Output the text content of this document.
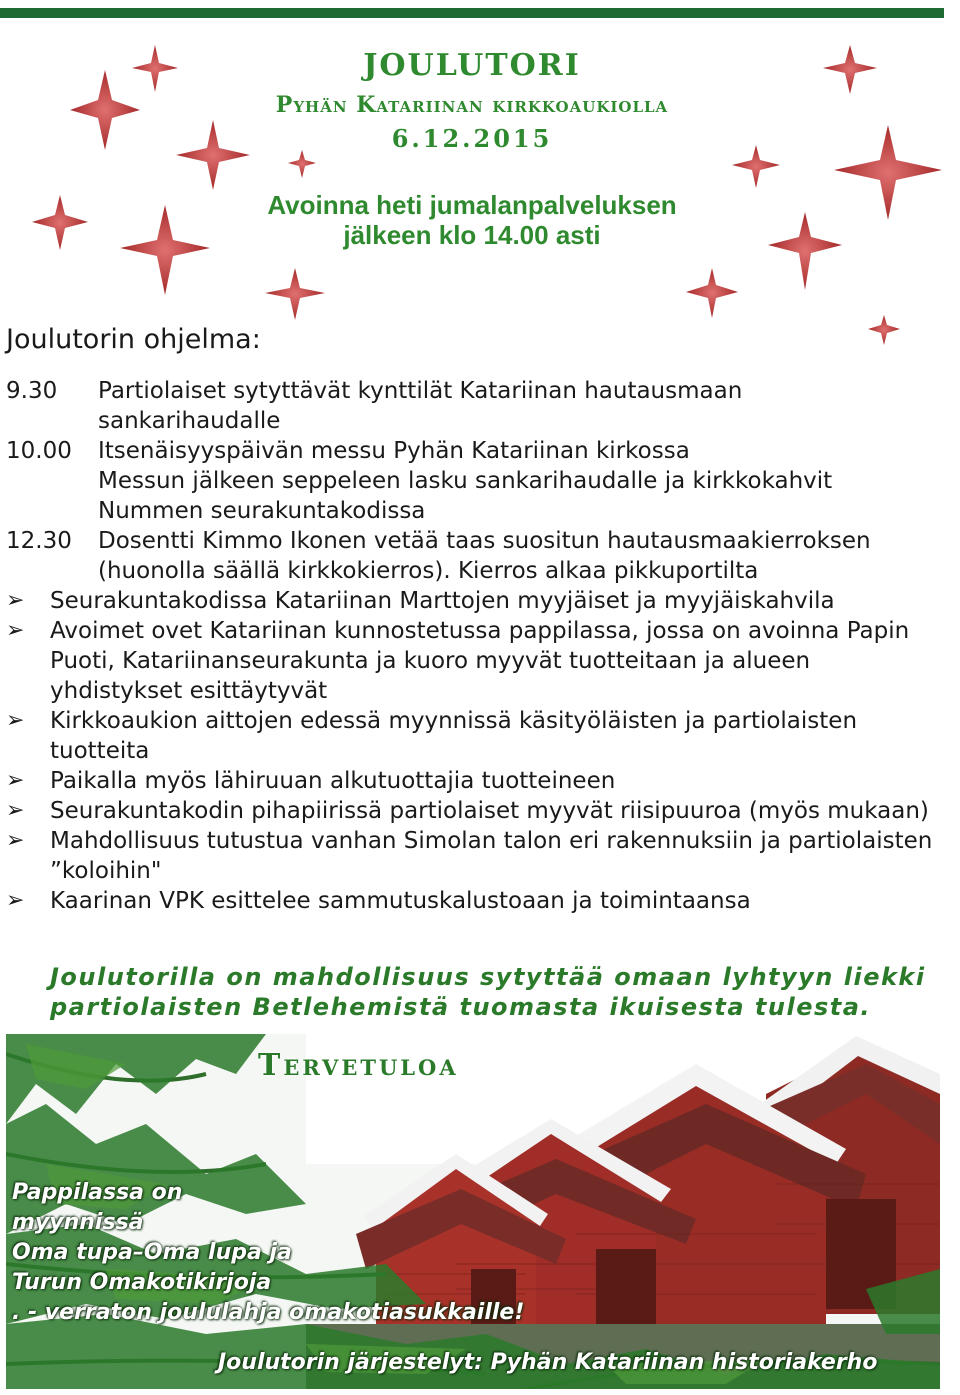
JOULUTORI
Pyhän Katariinan kirkkoaukiolla
6.12.2015
Avoinna heti jumalanpalveluksen
jälkeen klo 14.00 asti
Joulutorin ohjelma:
9.30	Partiolaiset sytyttävät kynttilät Katariinan hautausmaan
sankarihaudalle
10.00	Itsenäisyyspäivän messu Pyhän Katariinan kirkossa
Messun jälkeen seppeleen lasku sankarihaudalle ja kirkkokahvit
Nummen seurakuntakodissa
12.30	Dosentti Kimmo Ikonen vetää taas suositun hautausmaakierroksen
(huonolla säällä kirkkokierros). Kierros alkaa pikkuportilta
➢	Seurakuntakodissa Katariinan Marttojen myyjäiset ja myyjäiskahvila
➢	Avoimet ovet Katariinan kunnostetussa pappilassa, jossa on avoinna Papin Puoti, Katariinanseurakunta ja kuoro myyvät tuotteitaan ja alueen yhdistykset esittäytyvät
➢	Kirkkoaukion aittojen edessä myynnissä käsityöläisten ja partiolaisten tuotteita
➢	Paikalla myös lähiruuan alkutuottajia tuotteineen
➢	Seurakuntakodin pihapiirissä partiolaiset myyvät riisipuuroa (myös mukaan)
➢	Mahdollisuus tutustua vanhan Simolan talon eri rakennuksiin ja partiolaisten ”koloihin"
➢	Kaarinan VPK esittelee sammutuskalustoaan ja toimintaansa
Joulutorilla on mahdollisuus sytyttää omaan lyhtyyn liekki
partiolaisten Betlehemistä tuomasta ikuisesta tulesta.
Tervetuloa
Pappilassa on
myynnissä
Oma tupa–Oma lupa ja
Turun Omakotikirjoja
. - verraton joululahja omakotiasukkaille!
Joulutorin järjestelyt: Pyhän Katariinan historiakerho
